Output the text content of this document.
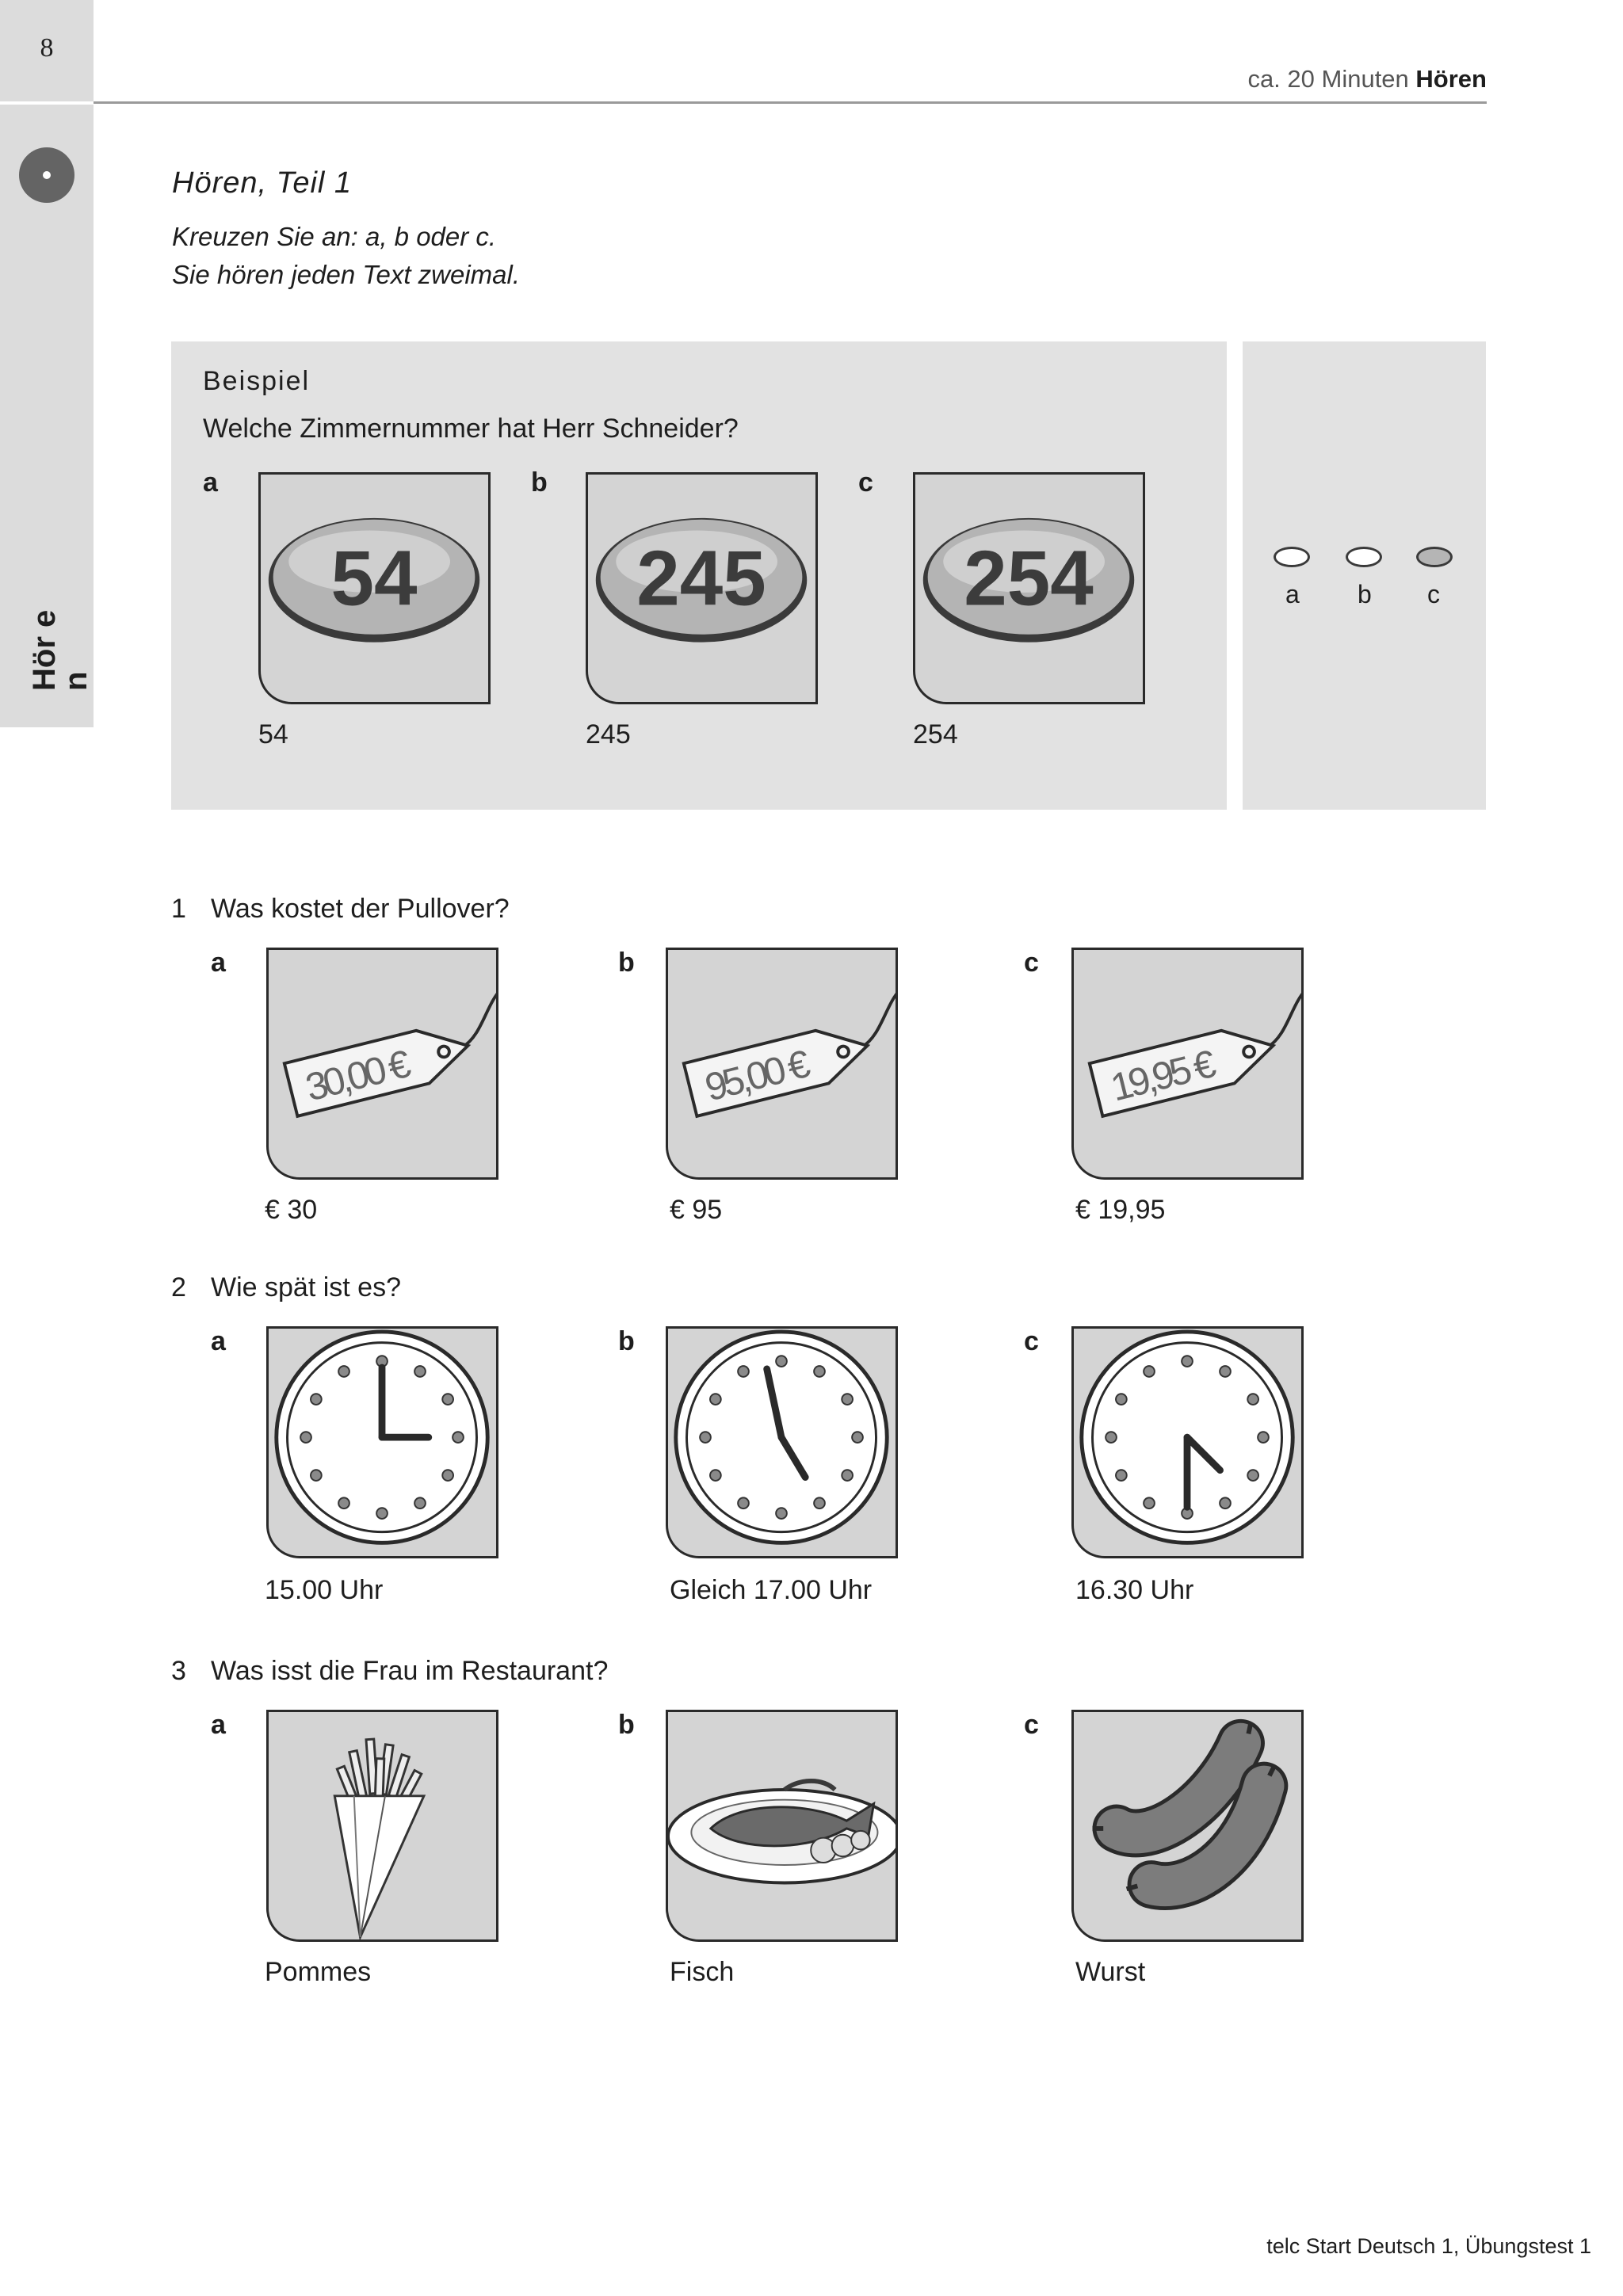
8
Hör e
n
ca. 20 Minuten Hören
Hören, Teil 1
Kreuzen Sie an: a, b oder c.
Sie hören jeden Text zweimal.
Beispiel
Welche Zimmernummer hat Herr Schneider?
a	b	c
54	245 254
54	245	254
a b c
1 Was kostet der Pullover?
a	b	c
30,00 €	95,00 €	19,95 €
€ 30	€ 95	€ 19,95
2 Wie spät ist es?
a	b	c
15.00 Uhr	Gleich 17.00 Uhr	16.30 Uhr
3 Was isst die Frau im Restaurant?
a	b	c
Pommes	Fisch	Wurst
telc Start Deutsch 1, Übungstest 1
